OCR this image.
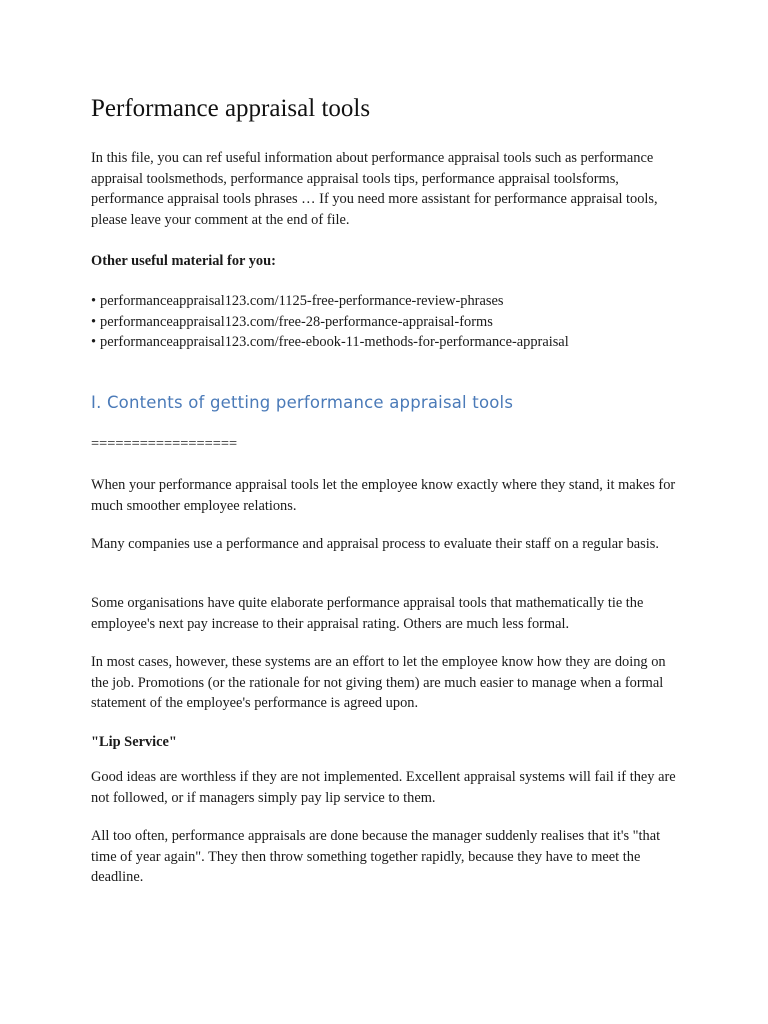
Performance appraisal tools

In this file, you can ref useful information about performance appraisal tools such as performance appraisal toolsmethods, performance appraisal tools tips, performance appraisal toolsforms, performance appraisal tools phrases … If you need more assistant for performance appraisal tools, please leave your comment at the end of file.

Other useful material for you:

• performanceappraisal123.com/1125-free-performance-review-phrases
• performanceappraisal123.com/free-28-performance-appraisal-forms
• performanceappraisal123.com/free-ebook-11-methods-for-performance-appraisal
I. Contents of getting performance appraisal tools

==================

When your performance appraisal tools let the employee know exactly where they stand, it makes for much smoother employee relations.

Many companies use a performance and appraisal process to evaluate their staff on a regular basis.

Some organisations have quite elaborate performance appraisal tools that mathematically tie the employee's next pay increase to their appraisal rating. Others are much less formal.

In most cases, however, these systems are an effort to let the employee know how they are doing on the job. Promotions (or the rationale for not giving them) are much easier to manage when a formal statement of the employee's performance is agreed upon.

"Lip Service"

Good ideas are worthless if they are not implemented. Excellent appraisal systems will fail if they are not followed, or if managers simply pay lip service to them.

All too often, performance appraisals are done because the manager suddenly realises that it's "that time of year again". They then throw something together rapidly, because they have to meet the deadline.
